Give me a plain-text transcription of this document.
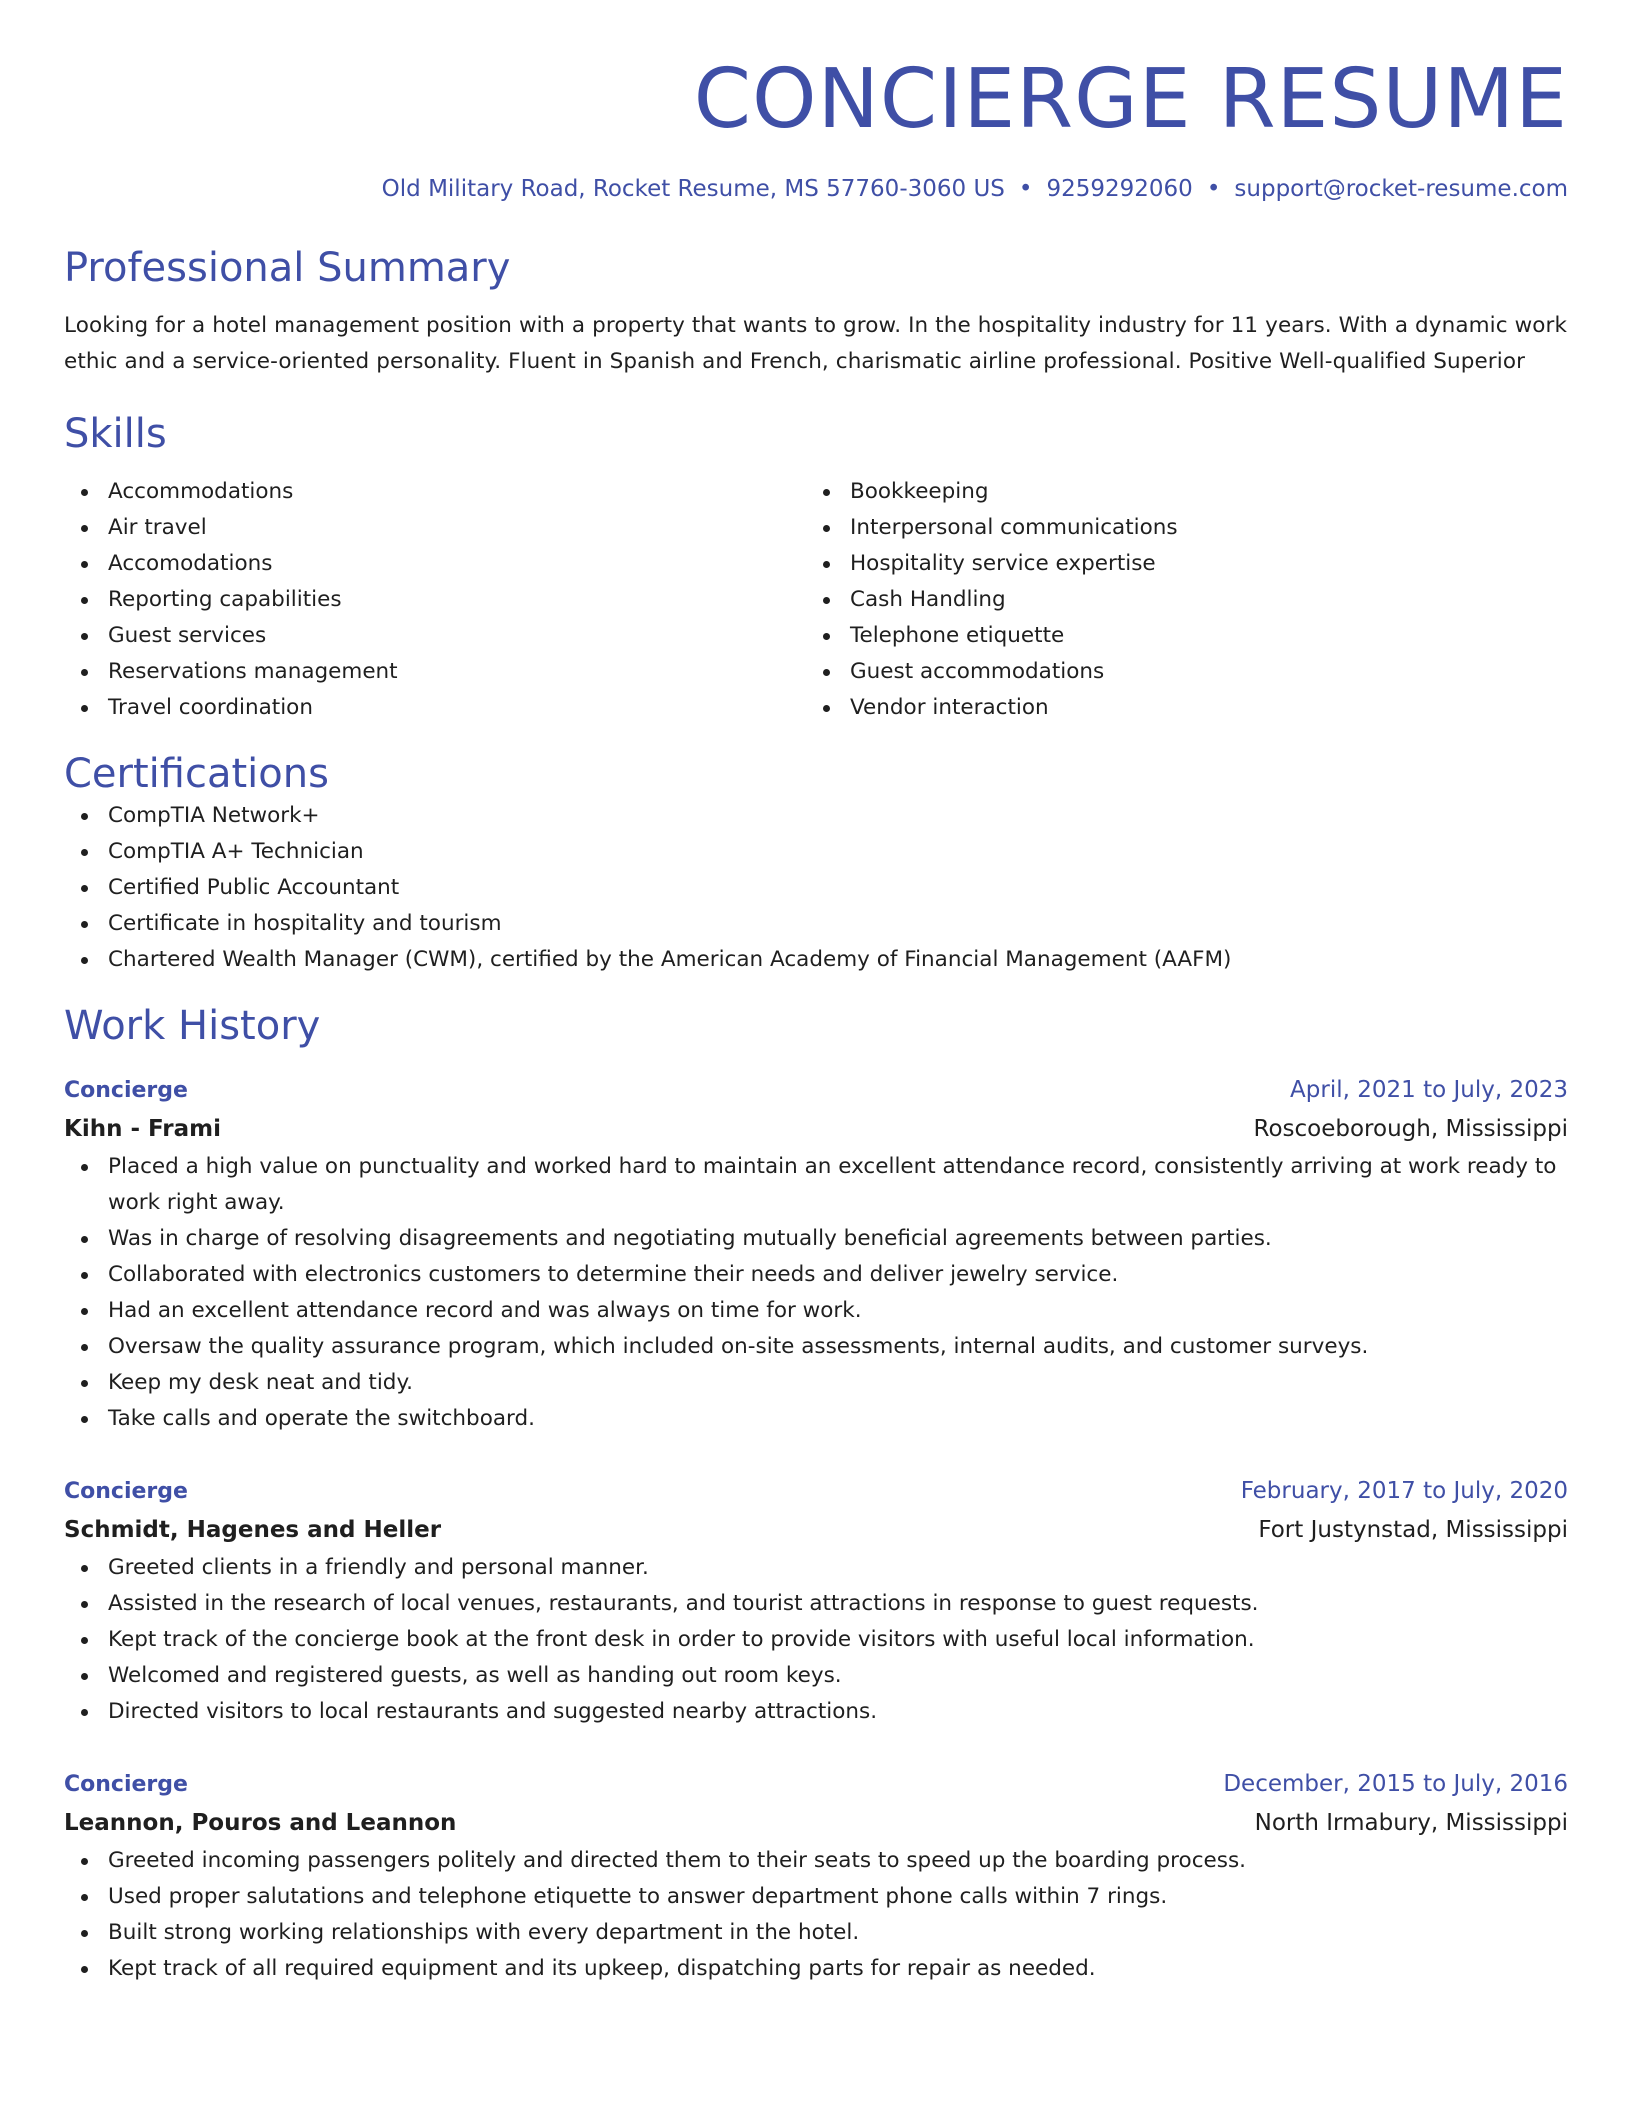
CONCIERGE RESUME
Old Military Road, Rocket Resume, MS 57760-3060 US • 9259292060 • support@rocket-resume.com
Professional Summary
Looking for a hotel management position with a property that wants to grow. In the hospitality industry for 11 years. With a dynamic work ethic and a service-oriented personality. Fluent in Spanish and French, charismatic airline professional. Positive Well-qualified Superior
Skills
Accommodations
Air travel
Accomodations
Reporting capabilities
Guest services
Reservations management
Travel coordination
Bookkeeping
Interpersonal communications
Hospitality service expertise
Cash Handling
Telephone etiquette
Guest accommodations
Vendor interaction
Certifications
CompTIA Network+
CompTIA A+ Technician
Certified Public Accountant
Certificate in hospitality and tourism
Chartered Wealth Manager (CWM), certified by the American Academy of Financial Management (AAFM)
Work History
Concierge	April, 2021 to July, 2023
Kihn - Frami	Roscoeborough, Mississippi
Placed a high value on punctuality and worked hard to maintain an excellent attendance record, consistently arriving at work ready to work right away.
Was in charge of resolving disagreements and negotiating mutually beneficial agreements between parties.
Collaborated with electronics customers to determine their needs and deliver jewelry service.
Had an excellent attendance record and was always on time for work.
Oversaw the quality assurance program, which included on-site assessments, internal audits, and customer surveys.
Keep my desk neat and tidy.
Take calls and operate the switchboard.
Concierge	February, 2017 to July, 2020
Schmidt, Hagenes and Heller	Fort Justynstad, Mississippi
Greeted clients in a friendly and personal manner.
Assisted in the research of local venues, restaurants, and tourist attractions in response to guest requests.
Kept track of the concierge book at the front desk in order to provide visitors with useful local information.
Welcomed and registered guests, as well as handing out room keys.
Directed visitors to local restaurants and suggested nearby attractions.
Concierge	December, 2015 to July, 2016
Leannon, Pouros and Leannon	North Irmabury, Mississippi
Greeted incoming passengers politely and directed them to their seats to speed up the boarding process.
Used proper salutations and telephone etiquette to answer department phone calls within 7 rings.
Built strong working relationships with every department in the hotel.
Kept track of all required equipment and its upkeep, dispatching parts for repair as needed.
